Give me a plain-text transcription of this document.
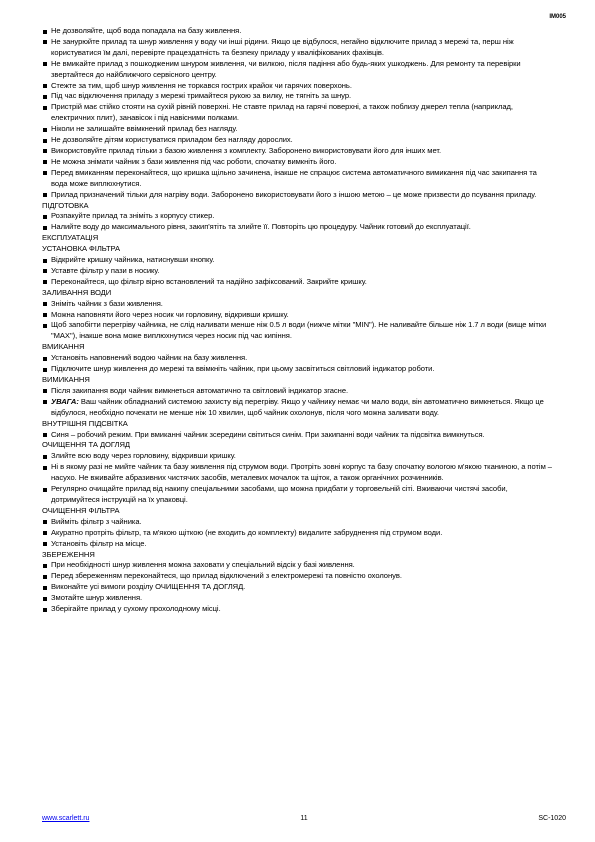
IM005
Не дозволяйте, щоб вода попадала на базу живлення.
Не занурюйте прилад та шнур живлення у воду чи інші рідини. Якщо це відбулося, негайно відключите прилад з мережі та, перш ніж користуватися їм далі, перевірте працездатність та безпеку приладу у кваліфікованих фахівців.
Не вмикайте прилад з пошкодженим шнуром живлення, чи вилкою, після падіння або будь-яких ушкоджень. Для ремонту та перевірки звертайтеся до найближчого сервісного центру.
Стежте за тим, щоб шнур живлення не торкався гострих крайок чи гарячих поверхонь.
Під час відключення приладу з мережі тримайтеся рукою за вилку, не тягніть за шнур.
Пристрій має стійко стояти на сухій рівній поверхні. Не ставте прилад на гарячі поверхні, а також поблизу джерел тепла (наприклад, електричних плит), занавісок і під навісними полками.
Ніколи не залишайте ввімкнений прилад без нагляду.
Не дозволяйте дітям користуватися приладом без нагляду дорослих.
Використовуйте прилад тільки з базою живлення з комплекту. Заборонено використовувати його для інших мет.
Не можна знімати чайник з бази живлення під час роботи, спочатку вимкніть його.
Перед вмиканням переконайтеся, що кришка щільно зачинена, інакше не спрацює система автоматичного вимикання під час закипання та вода може виплюхнутися.
Прилад призначений тільки для нагріву води. Заборонено використовувати його з іншою метою – це може призвести до псування приладу.
ПІДГОТОВКА
Розпакуйте прилад та зніміть з корпусу стикер.
Налийте воду до максимального рівня, закип'ятіть та злийте її. Повторіть цю процедуру. Чайник готовий до експлуатації.
ЕКСПЛУАТАЦІЯ
УСТАНОВКА ФІЛЬТРА
Відкрийте кришку чайника, натиснувши кнопку.
Уставте фільтр у пази в носику.
Переконайтеся, що фільтр вірно встановлений та надійно зафіксований. Закрийте кришку.
ЗАЛИВАННЯ ВОДИ
Зніміть чайник з бази живлення.
Можна наповняти його через носик чи горловину, відкривши кришку.
Щоб запобігти перегріву чайника, не слід наливати менше ніж 0.5 л води (нижче мітки "MIN"). Не наливайте більше ніж 1.7 л води (вище мітки "MAX"), інакше вона може виплюхнутися через носик під час кипіння.
ВМИКАННЯ
Установіть наповнений водою чайник на базу живлення.
Підключите шнур живлення до мережі та ввімкніть чайник, при цьому засвітиться світловий індикатор роботи.
ВИМИКАННЯ
Після закипання води чайник вимкнеться автоматично та світловий індикатор згасне.
УВАГА: Ваш чайник обладнаний системою захисту від перегріву. Якщо у чайнику немає чи мало води, він автоматично вимкнеться. Якщо це відбулося, необхідно почекати не менше ніж 10 хвилин, щоб чайник охолонув, після чого можна заливати воду.
ВНУТРІШНЯ ПІДСВІТКА
Синя – робочий режим. При вмиканні чайник зсередини світиться синім. При закипанні води чайник та підсвітка вимкнуться.
ОЧИЩЕННЯ ТА ДОГЛЯД
Злийте всю воду через горловину, відкривши кришку.
Ні в якому разі не мийте чайник та базу живлення під струмом води. Протріть зовні корпус та базу спочатку вологою м'якою тканиною, а потім – насухо. Не вживайте абразивних чистячих засобів, металевих мочалок та щіток, а також органічних розчинників.
Регулярно очищайте прилад від накипу спеціальними засобами, що можна придбати у торговельній сіті. Вживаючи чистячі засоби, дотримуйтеся інструкцій на їх упаковці.
ОЧИЩЕННЯ ФІЛЬТРА
Вийміть фільтр з чайника.
Акуратно протріть фільтр, та м'якою щіткою (не входить до комплекту) видалите забруднення під струмом води.
Установіть фільтр на місце.
ЗБЕРЕЖЕННЯ
При необхідності шнур живлення можна заховати у спеціальний відсік у базі живлення.
Перед збереженням переконайтеся, що прилад відключений з електромережі та повністю охолонув.
Виконайте усі вимоги розділу ОЧИЩЕННЯ ТА ДОГЛЯД.
Змотайте шнур живлення.
Зберігайте прилад у сухому прохолодному місці.
www.scarlett.ru	11	SC-1020
